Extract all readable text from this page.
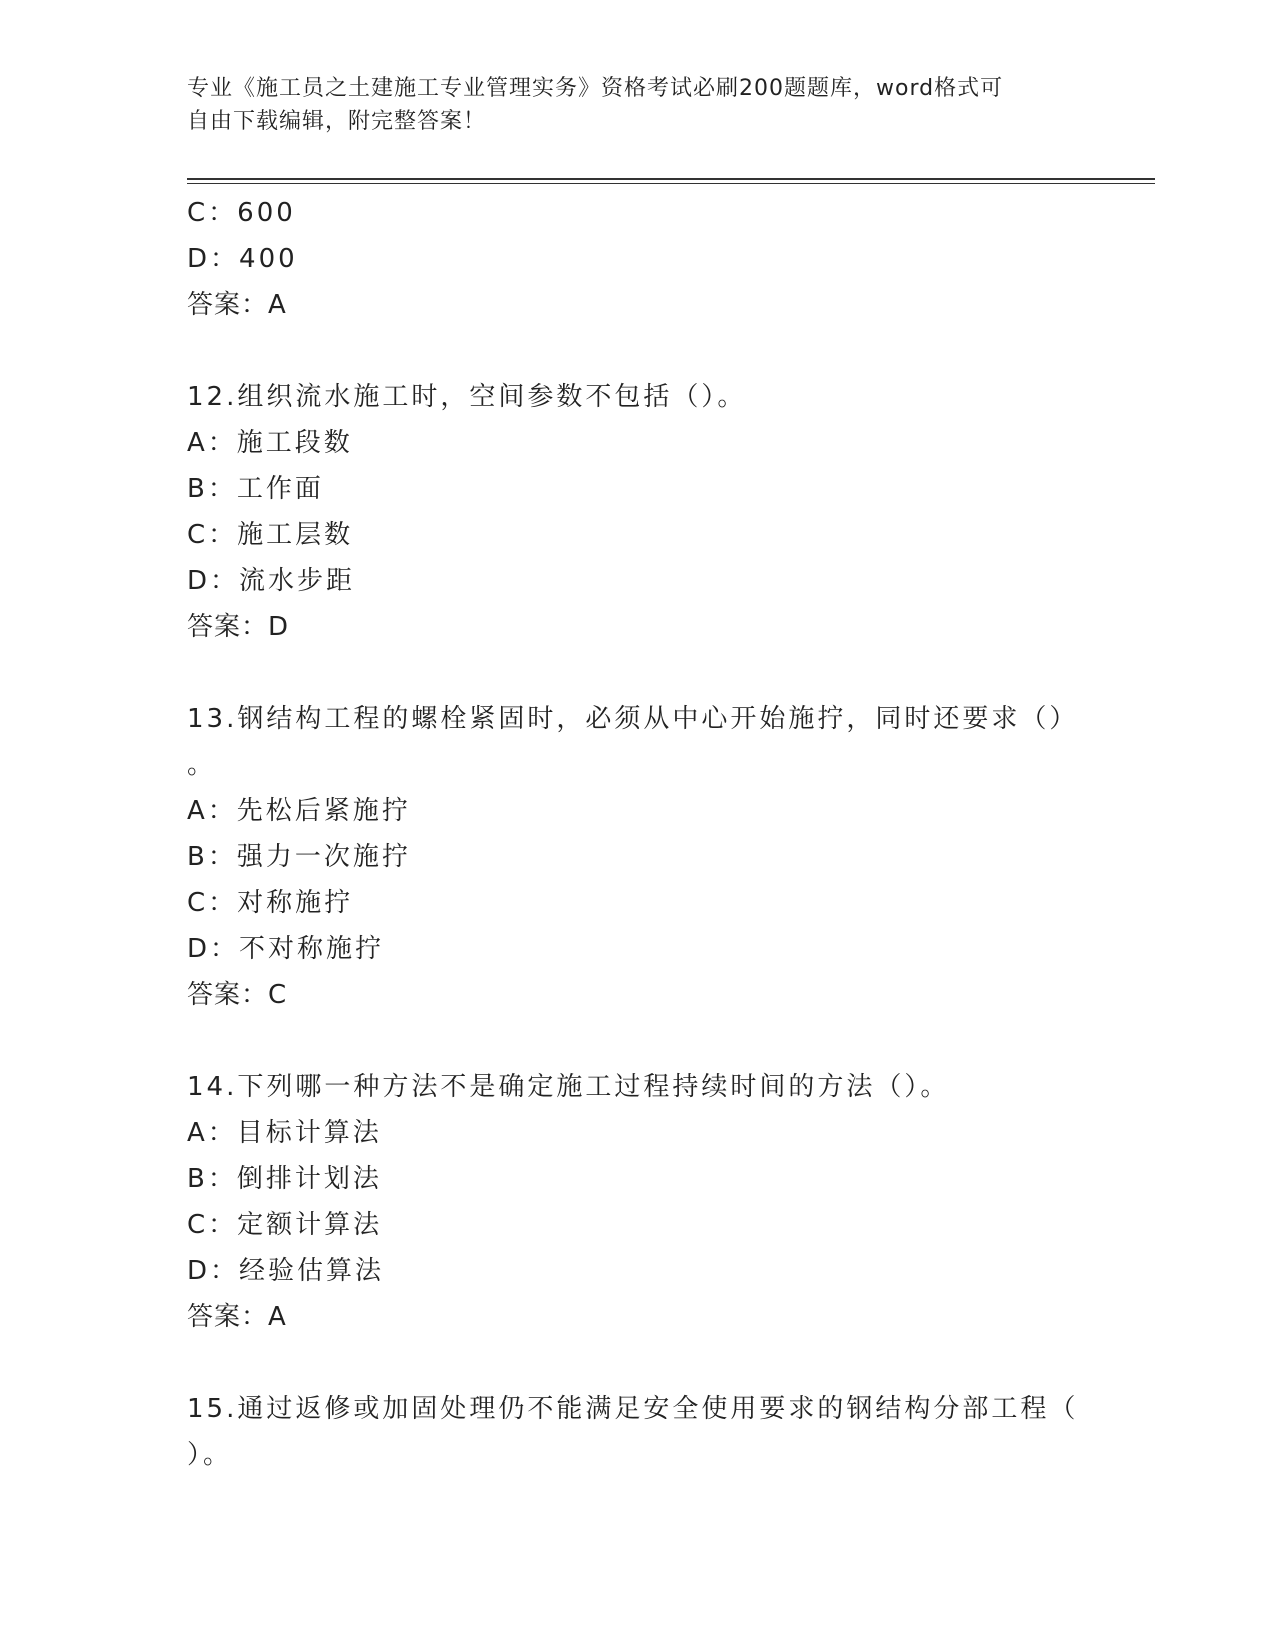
专业《施工员之土建施工专业管理实务》资格考试必刷200题题库，word格式可
自由下载编辑，附完整答案！
C：600
D：400
答案：A
12.组织流水施工时，空间参数不包括（）。
A：施工段数
B：工作面
C：施工层数
D：流水步距
答案：D
13.钢结构工程的螺栓紧固时，必须从中心开始施拧，同时还要求（）
。
A：先松后紧施拧
B：强力一次施拧
C：对称施拧
D：不对称施拧
答案：C
14.下列哪一种方法不是确定施工过程持续时间的方法（）。
A：目标计算法
B：倒排计划法
C：定额计算法
D：经验估算法
答案：A
15.通过返修或加固处理仍不能满足安全使用要求的钢结构分部工程（
）。
